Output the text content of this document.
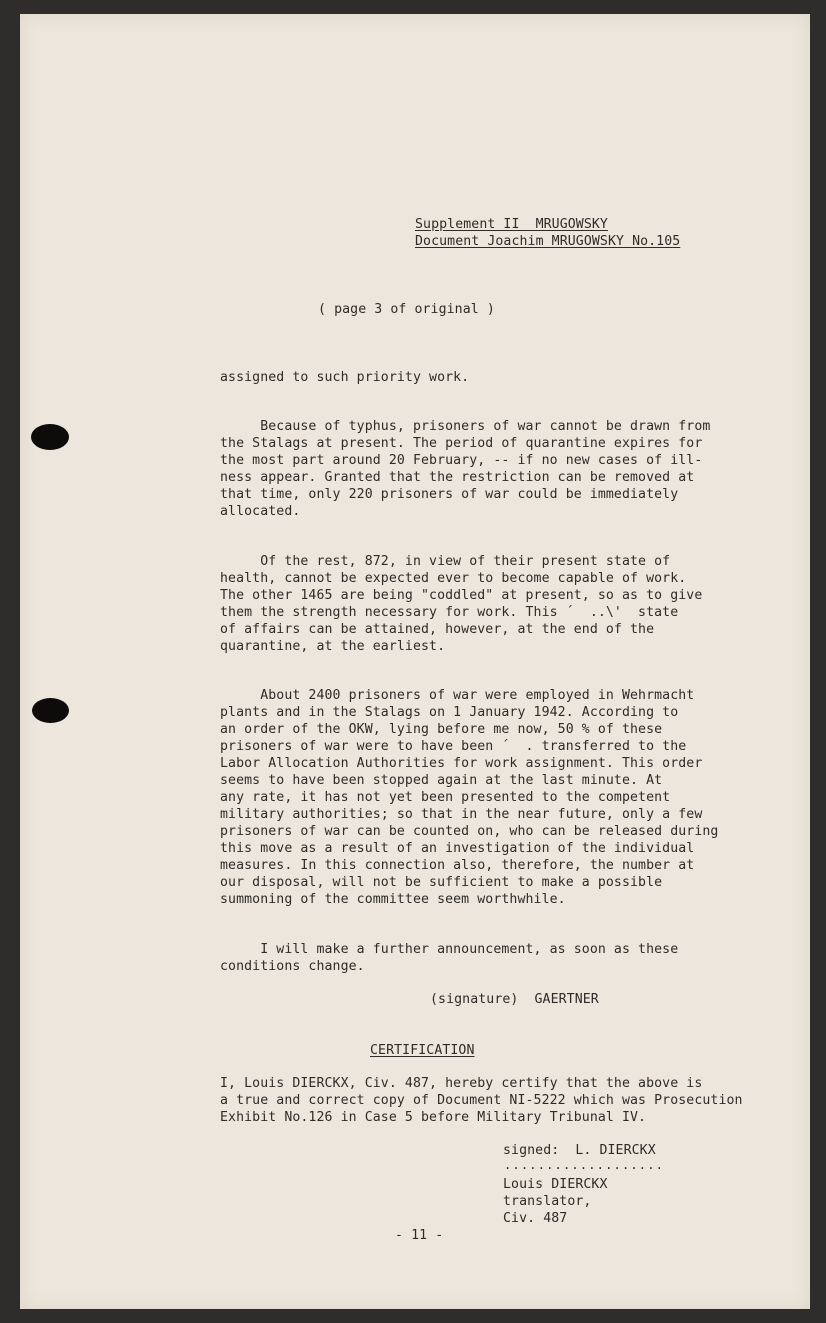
Supplement II  MRUGOWSKY
Document Joachim MRUGOWSKY No.105
( page 3 of original )
assigned to such priority work.
Because of typhus, prisoners of war cannot be drawn from
the Stalags at present. The period of quarantine expires for
the most part around 20 February, -- if no new cases of ill-
ness appear. Granted that the restriction can be removed at
that time, only 220 prisoners of war could be immediately
allocated.
Of the rest, 872, in view of their present state of
health, cannot be expected ever to become capable of work.
The other 1465 are being "coddled" at present, so as to give
them the strength necessary for work. This ´  ..\'  state
of affairs can be attained, however, at the end of the
quarantine, at the earliest.
About 2400 prisoners of war were employed in Wehrmacht
plants and in the Stalags on 1 January 1942. According to
an order of the OKW, lying before me now, 50 % of these
prisoners of war were to have been ´  . transferred to the
Labor Allocation Authorities for work assignment. This order
seems to have been stopped again at the last minute. At
any rate, it has not yet been presented to the competent
military authorities; so that in the near future, only a few
prisoners of war can be counted on, who can be released during
this move as a result of an investigation of the individual
measures. In this connection also, therefore, the number at
our disposal, will not be sufficient to make a possible
summoning of the committee seem worthwhile.
I will make a further announcement, as soon as these
conditions change.
(signature)  GAERTNER
CERTIFICATION
I, Louis DIERCKX, Civ. 487, hereby certify that the above is
a true and correct copy of Document NI-5222 which was Prosecution
Exhibit No.126 in Case 5 before Military Tribunal IV.
signed:  L. DIERCKX
...................
Louis DIERCKX
translator,
Civ. 487
- 11 -
